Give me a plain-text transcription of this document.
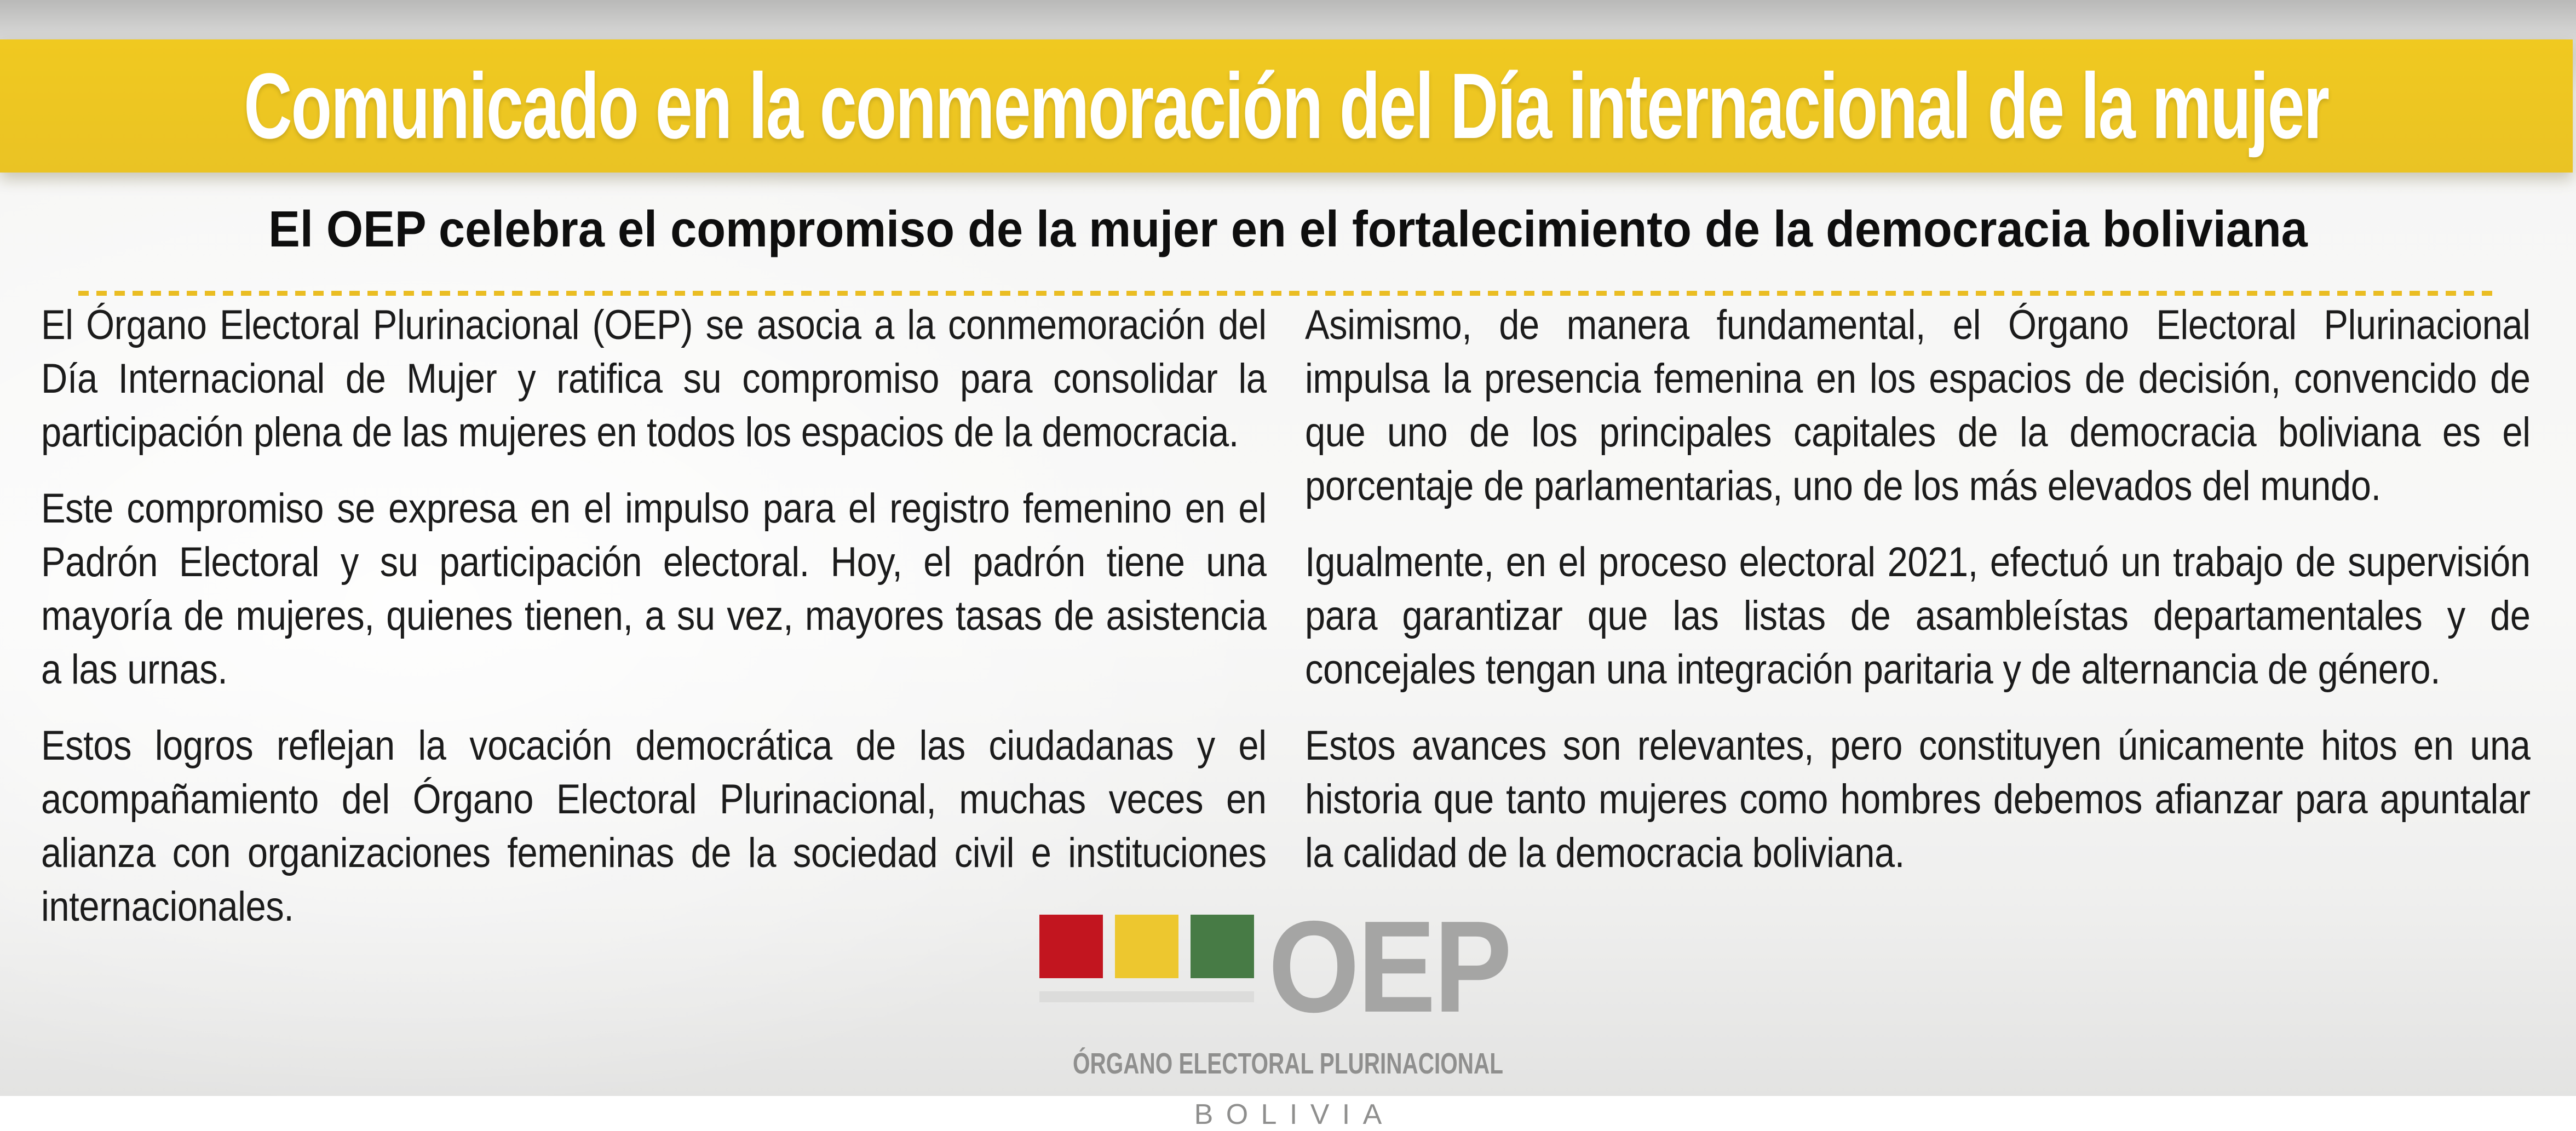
Comunicado en la conmemoración del Día internacional de la mujer
El OEP celebra el compromiso de la mujer en el fortalecimiento de la democracia boliviana

El Órgano Electoral Plurinacional (OEP) se asocia a la conmemoración del Día Internacional de Mujer y ratifica su compromiso para consolidar la participación plena de las mujeres en todos los espacios de la democracia.

Este compromiso se expresa en el impulso para el registro femenino en el Padrón Electoral y su participación electoral. Hoy, el padrón tiene una mayoría de mujeres, quienes tienen, a su vez, mayores tasas de asistencia a las urnas.

Estos logros reflejan la vocación democrática de las ciudadanas y el acompañamiento del Órgano Electoral Plurinacional, muchas veces en alianza con organizaciones femeninas de la sociedad civil e instituciones internacionales.

Asimismo, de manera fundamental, el Órgano Electoral Plurinacional impulsa la presencia femenina en los espacios de decisión, convencido de que uno de los principales capitales de la democracia boliviana es el porcentaje de parlamentarias, uno de los más elevados del mundo.

Igualmente, en el proceso electoral 2021, efectuó un trabajo de supervisión para garantizar que las listas de asambleístas departamentales y de concejales tengan una integración paritaria y de alternancia de género.

Estos avances son relevantes, pero constituyen únicamente hitos en una historia que tanto mujeres como hombres debemos afianzar para apuntalar la calidad de la democracia boliviana.

OEP
ÓRGANO ELECTORAL PLURINACIONAL
BOLIVIA
